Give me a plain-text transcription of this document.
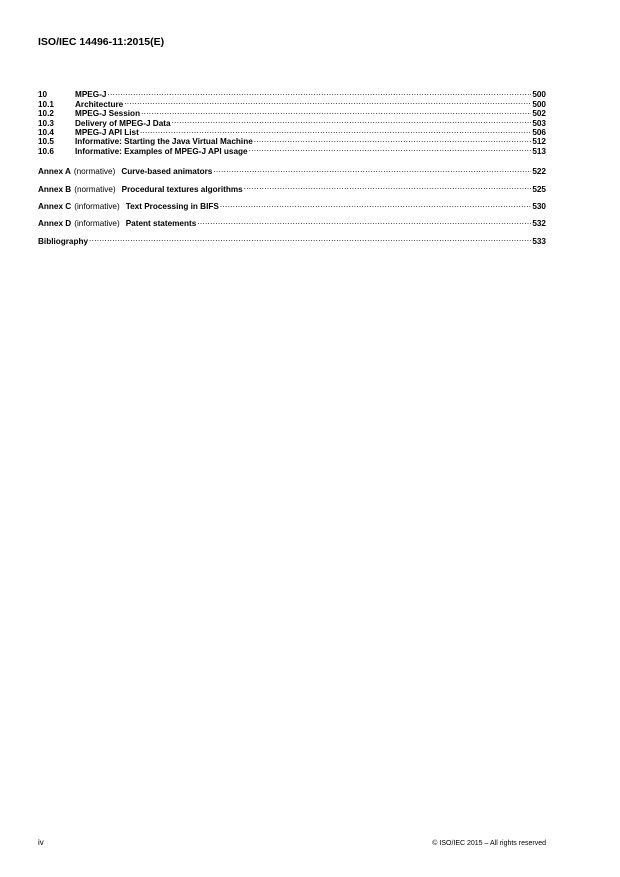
ISO/IEC 14496-11:2015(E)
10	MPEG-J .....	500
10.1	Architecture .....	500
10.2	MPEG-J Session .....	502
10.3	Delivery of MPEG-J Data .....	503
10.4	MPEG-J API List .....	506
10.5	Informative: Starting the Java Virtual Machine .....	512
10.6	Informative: Examples of MPEG-J API usage .....	513
Annex A (normative) Curve-based animators .....	522
Annex B (normative) Procedural textures algorithms .....	525
Annex C (informative) Text Processing in BIFS .....	530
Annex D (informative) Patent statements .....	532
Bibliography .....	533
iv	© ISO/IEC 2015 – All rights reserved
